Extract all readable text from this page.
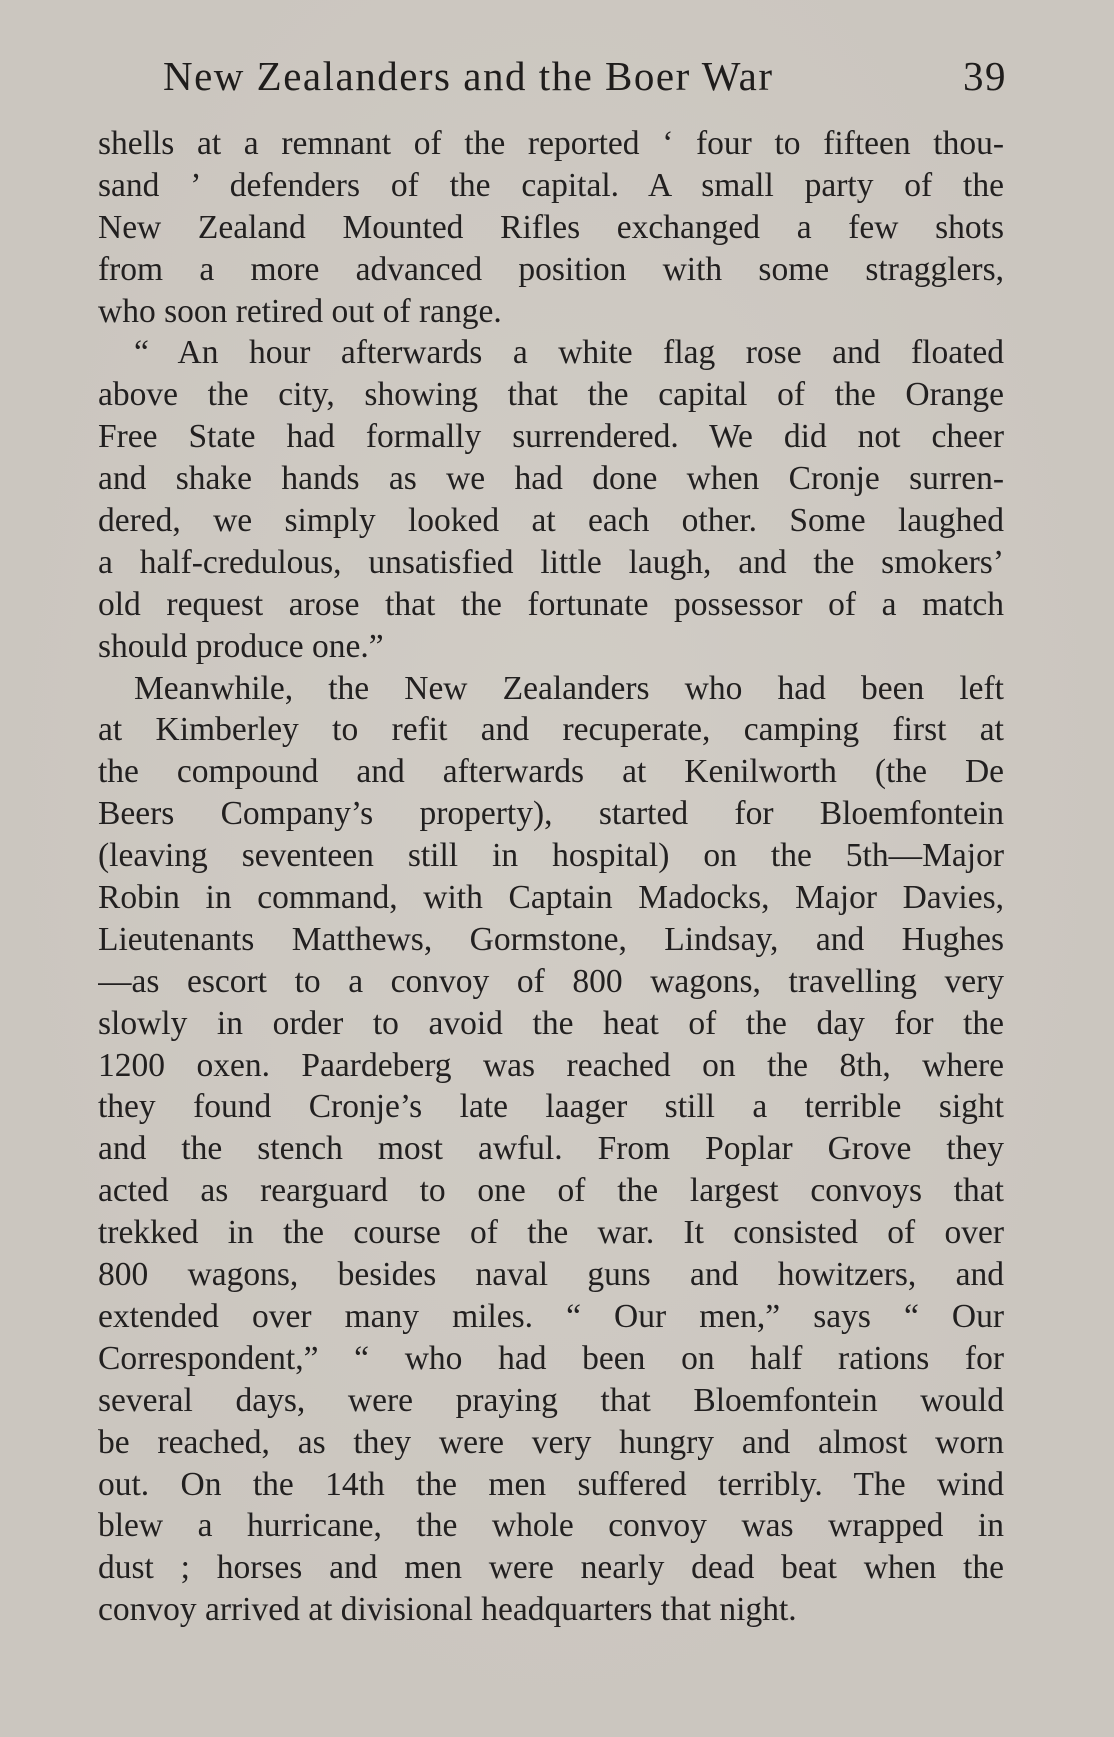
New Zealanders and the Boer War	39
shells at a remnant of the reported ‘ four to fifteen thou-
sand ’ defenders of the capital. A small party of the
New Zealand Mounted Rifles exchanged a few shots
from a more advanced position with some stragglers,
who soon retired out of range.
“ An hour afterwards a white flag rose and floated
above the city, showing that the capital of the Orange
Free State had formally surrendered. We did not cheer
and shake hands as we had done when Cronje surren-
dered, we simply looked at each other. Some laughed
a half-credulous, unsatisfied little laugh, and the smokers’
old request arose that the fortunate possessor of a match
should produce one.”
Meanwhile, the New Zealanders who had been left
at Kimberley to refit and recuperate, camping first at
the compound and afterwards at Kenilworth (the De
Beers Company’s property), started for Bloemfontein
(leaving seventeen still in hospital) on the 5th—Major
Robin in command, with Captain Madocks, Major Davies,
Lieutenants Matthews, Gormstone, Lindsay, and Hughes
—as escort to a convoy of 800 wagons, travelling very
slowly in order to avoid the heat of the day for the
1200 oxen. Paardeberg was reached on the 8th, where
they found Cronje’s late laager still a terrible sight
and the stench most awful. From Poplar Grove they
acted as rearguard to one of the largest convoys that
trekked in the course of the war. It consisted of over
800 wagons, besides naval guns and howitzers, and
extended over many miles. “ Our men,” says “ Our
Correspondent,” “ who had been on half rations for
several days, were praying that Bloemfontein would
be reached, as they were very hungry and almost worn
out. On the 14th the men suffered terribly. The wind
blew a hurricane, the whole convoy was wrapped in
dust ; horses and men were nearly dead beat when the
convoy arrived at divisional headquarters that night.
